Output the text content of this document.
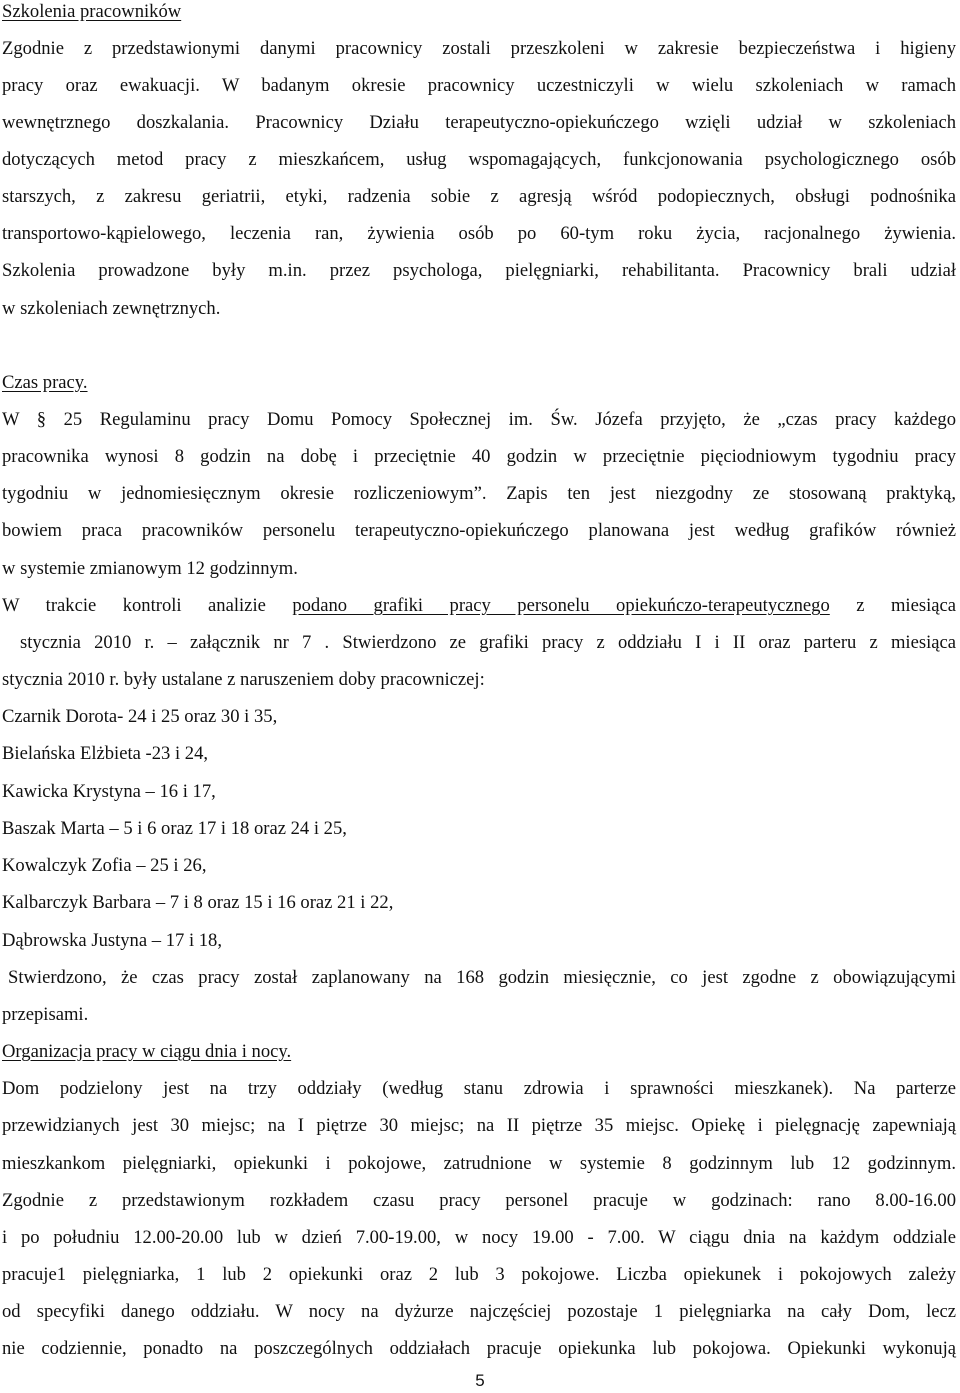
Szkolenia pracowników
Zgodnie z przedstawionymi danymi pracownicy zostali przeszkoleni w zakresie bezpieczeństwa i higieny
pracy oraz ewakuacji. W badanym okresie pracownicy uczestniczyli w wielu szkoleniach w ramach
wewnętrznego doszkalania. Pracownicy Działu terapeutyczno-opiekuńczego wzięli udział w szkoleniach
dotyczących metod pracy z mieszkańcem, usług wspomagających, funkcjonowania psychologicznego osób
starszych, z zakresu geriatrii, etyki, radzenia sobie z agresją wśród podopiecznych, obsługi podnośnika
transportowo-kąpielowego, leczenia ran, żywienia osób po 60-tym roku życia, racjonalnego żywienia.
Szkolenia prowadzone były m.in. przez psychologa, pielęgniarki, rehabilitanta. Pracownicy brali udział
w szkoleniach zewnętrznych.
Czas pracy.
W § 25 Regulaminu pracy Domu Pomocy Społecznej im. Św. Józefa przyjęto, że „czas pracy każdego
pracownika wynosi 8 godzin na dobę i przeciętnie 40 godzin w przeciętnie pięciodniowym tygodniu pracy
tygodniu w jednomiesięcznym okresie rozliczeniowym”. Zapis ten jest niezgodny ze stosowaną praktyką,
bowiem praca pracowników personelu terapeutyczno-opiekuńczego planowana jest według grafików również
w systemie zmianowym 12 godzinnym.
W trakcie kontroli analizie podano grafiki pracy personelu opiekuńczo-terapeutycznego z miesiąca
stycznia 2010 r. – załącznik nr 7 . Stwierdzono ze grafiki pracy z oddziału I i II oraz parteru z miesiąca
stycznia 2010 r. były ustalane z naruszeniem doby pracowniczej:
Czarnik Dorota- 24 i 25 oraz 30 i 35,
Bielańska Elżbieta -23 i 24,
Kawicka Krystyna – 16 i 17,
Baszak Marta – 5 i 6 oraz 17 i 18 oraz 24 i 25,
Kowalczyk Zofia – 25 i 26,
Kalbarczyk Barbara – 7 i 8 oraz 15 i 16 oraz 21 i 22,
Dąbrowska Justyna – 17 i 18,
Stwierdzono, że czas pracy został zaplanowany na 168 godzin miesięcznie, co jest zgodne z obowiązującymi
przepisami.
Organizacja pracy w ciągu dnia i nocy.
Dom podzielony jest na trzy oddziały (według stanu zdrowia i sprawności mieszkanek). Na parterze
przewidzianych jest 30 miejsc; na I piętrze 30 miejsc; na II piętrze 35 miejsc. Opiekę i pielęgnację zapewniają
mieszkankom pielęgniarki, opiekunki i pokojowe, zatrudnione w systemie 8 godzinnym lub 12 godzinnym.
Zgodnie z przedstawionym rozkładem czasu pracy personel pracuje w godzinach: rano 8.00-16.00
i po południu 12.00-20.00 lub w dzień 7.00-19.00, w nocy 19.00 - 7.00. W ciągu dnia na każdym oddziale
pracuje1 pielęgniarka, 1 lub 2 opiekunki oraz 2 lub 3 pokojowe. Liczba opiekunek i pokojowych zależy
od specyfiki danego oddziału. W nocy na dyżurze najczęściej pozostaje 1 pielęgniarka na cały Dom, lecz
nie codziennie, ponadto na poszczególnych oddziałach pracuje opiekunka lub pokojowa. Opiekunki wykonują
5
